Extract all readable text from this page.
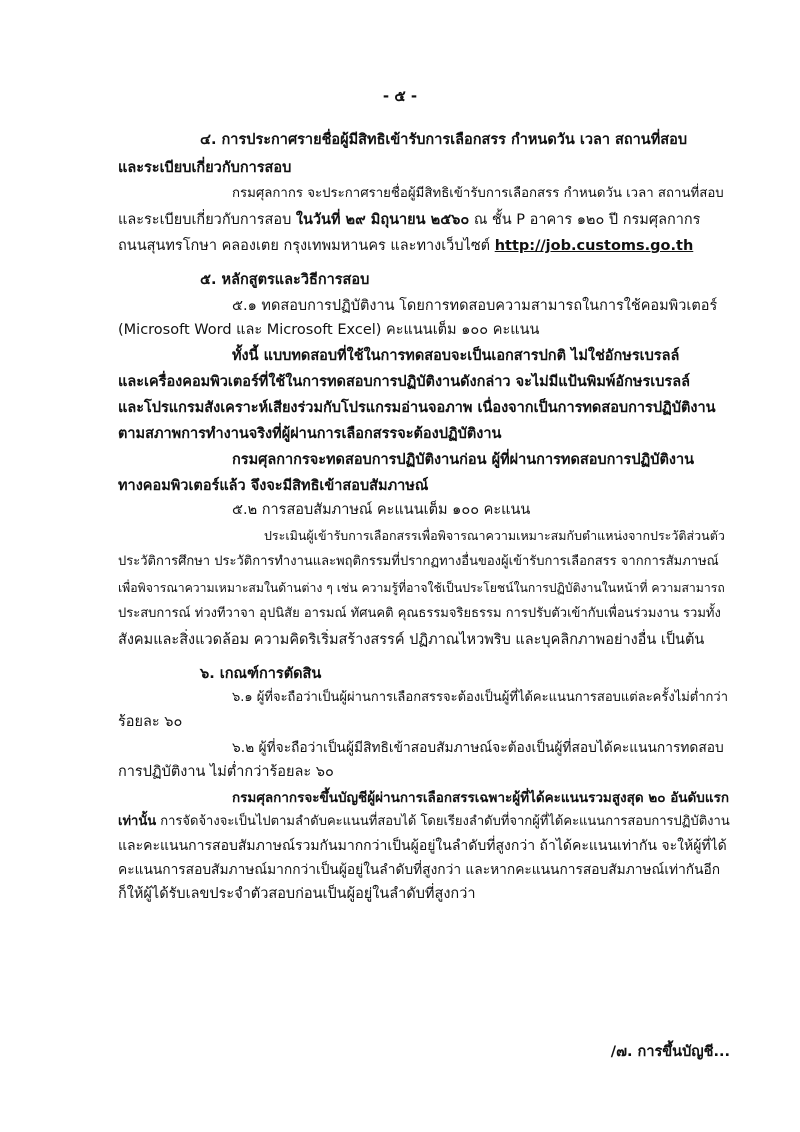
- ๕ -
๔. การประกาศรายชื่อผู้มีสิทธิเข้ารับการเลือกสรร กำหนดวัน เวลา สถานที่สอบ
และระเบียบเกี่ยวกับการสอบ
กรมศุลกากร จะประกาศรายชื่อผู้มีสิทธิเข้ารับการเลือกสรร กำหนดวัน เวลา สถานที่สอบ
และระเบียบเกี่ยวกับการสอบ ในวันที่ ๒๙ มิถุนายน ๒๕๖๐ ณ ชั้น P อาคาร ๑๒๐ ปี กรมศุลกากร
ถนนสุนทรโกษา คลองเตย กรุงเทพมหานคร และทางเว็บไซต์ http://job.customs.go.th
๕. หลักสูตรและวิธีการสอบ
๕.๑ ทดสอบการปฏิบัติงาน โดยการทดสอบความสามารถในการใช้คอมพิวเตอร์
(Microsoft Word และ Microsoft Excel) คะแนนเต็ม ๑๐๐ คะแนน
ทั้งนี้ แบบทดสอบที่ใช้ในการทดสอบจะเป็นเอกสารปกติ ไม่ใช่อักษรเบรลล์
และเครื่องคอมพิวเตอร์ที่ใช้ในการทดสอบการปฏิบัติงานดังกล่าว จะไม่มีแป้นพิมพ์อักษรเบรลล์
และโปรแกรมสังเคราะห์เสียงร่วมกับโปรแกรมอ่านจอภาพ เนื่องจากเป็นการทดสอบการปฏิบัติงาน
ตามสภาพการทำงานจริงที่ผู้ผ่านการเลือกสรรจะต้องปฏิบัติงาน
กรมศุลกากรจะทดสอบการปฏิบัติงานก่อน ผู้ที่ผ่านการทดสอบการปฏิบัติงาน
ทางคอมพิวเตอร์แล้ว จึงจะมีสิทธิเข้าสอบสัมภาษณ์
๕.๒ การสอบสัมภาษณ์ คะแนนเต็ม ๑๐๐ คะแนน
ประเมินผู้เข้ารับการเลือกสรรเพื่อพิจารณาความเหมาะสมกับตำแหน่งจากประวัติส่วนตัว
ประวัติการศึกษา ประวัติการทำงานและพฤติกรรมที่ปรากฏทางอื่นของผู้เข้ารับการเลือกสรร จากการสัมภาษณ์
เพื่อพิจารณาความเหมาะสมในด้านต่าง ๆ เช่น ความรู้ที่อาจใช้เป็นประโยชน์ในการปฏิบัติงานในหน้าที่ ความสามารถ
ประสบการณ์ ท่วงทีวาจา อุปนิสัย อารมณ์ ทัศนคติ คุณธรรมจริยธรรม การปรับตัวเข้ากับเพื่อนร่วมงาน รวมทั้ง
สังคมและสิ่งแวดล้อม ความคิดริเริ่มสร้างสรรค์ ปฏิภาณไหวพริบ และบุคลิกภาพอย่างอื่น เป็นต้น
๖. เกณฑ์การตัดสิน
๖.๑ ผู้ที่จะถือว่าเป็นผู้ผ่านการเลือกสรรจะต้องเป็นผู้ที่ได้คะแนนการสอบแต่ละครั้งไม่ต่ำกว่า
ร้อยละ ๖๐
๖.๒ ผู้ที่จะถือว่าเป็นผู้มีสิทธิเข้าสอบสัมภาษณ์จะต้องเป็นผู้ที่สอบได้คะแนนการทดสอบ
การปฏิบัติงาน ไม่ต่ำกว่าร้อยละ ๖๐
กรมศุลกากรจะขึ้นบัญชีผู้ผ่านการเลือกสรรเฉพาะผู้ที่ได้คะแนนรวมสูงสุด ๒๐ อันดับแรก
เท่านั้น การจัดจ้างจะเป็นไปตามลำดับคะแนนที่สอบได้ โดยเรียงลำดับที่จากผู้ที่ได้คะแนนการสอบการปฏิบัติงาน
และคะแนนการสอบสัมภาษณ์รวมกันมากกว่าเป็นผู้อยู่ในลำดับที่สูงกว่า ถ้าได้คะแนนเท่ากัน จะให้ผู้ที่ได้
คะแนนการสอบสัมภาษณ์มากกว่าเป็นผู้อยู่ในลำดับที่สูงกว่า และหากคะแนนการสอบสัมภาษณ์เท่ากันอีก
ก็ให้ผู้ได้รับเลขประจำตัวสอบก่อนเป็นผู้อยู่ในลำดับที่สูงกว่า
/๗. การขึ้นบัญชี...
